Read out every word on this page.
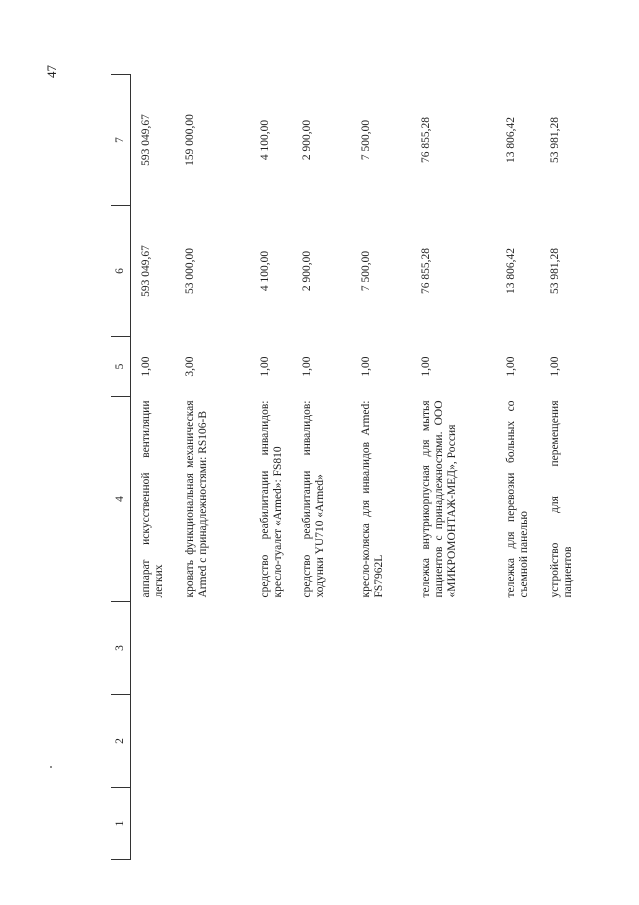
47
1	2	3	4	5	6	7
			аппарат искусственной вентиляции легких	1,00	593 049,67	593 049,67
			кровать функциональная механическая Armed с принадлежностями: RS106-B	3,00	53 000,00	159 000,00
			средство реабилитации инвалидов: кресло-туалет «Armed»: FS810	1,00	4 100,00	4 100,00
			средство реабилитации инвалидов: ходунки YU710 «Armed»	1,00	2 900,00	2 900,00
			кресло-коляска для инвалидов Armed: FS7962L	1,00	7 500,00	7 500,00
			тележка внутрикорпусная для мытья пациентов с принадлежностями. ООО «МИКРОМОНТАЖ-МЕД», Россия	1,00	76 855,28	76 855,28
			тележка для перевозки больных со съемной панелью	1,00	13 806,42	13 806,42
			устройство для перемещения пациентов	1,00	53 981,28	53 981,28
